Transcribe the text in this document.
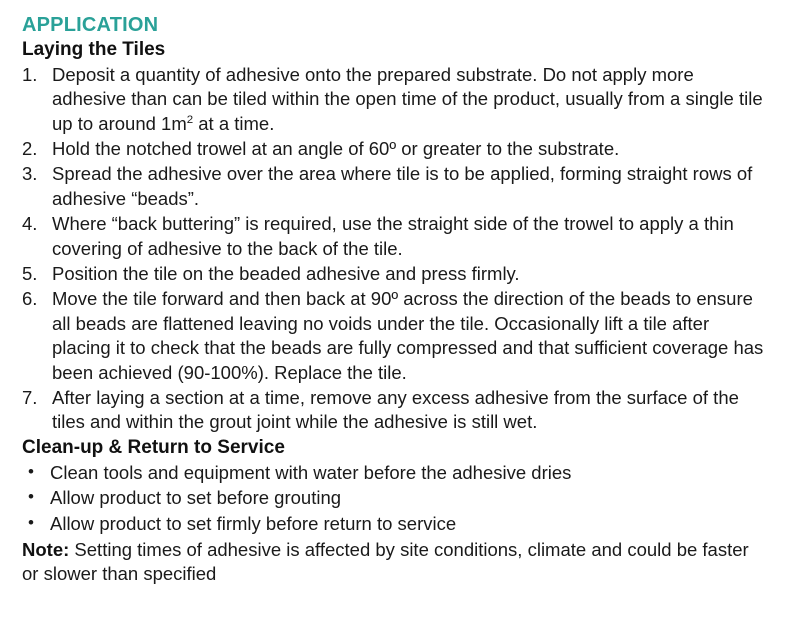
APPLICATION
Laying the Tiles
1. Deposit a quantity of adhesive onto the prepared substrate. Do not apply more adhesive than can be tiled within the open time of the product, usually from a single tile up to around $1m^2$ at a time.
2. Hold the notched trowel at an angle of 60º or greater to the substrate.
3. Spread the adhesive over the area where tile is to be applied, forming straight rows of adhesive “beads”.
4. Where “back buttering” is required, use the straight side of the trowel to apply a thin covering of adhesive to the back of the tile.
5. Position the tile on the beaded adhesive and press firmly.
6. Move the tile forward and then back at 90º across the direction of the beads to ensure all beads are flattened leaving no voids under the tile. Occasionally lift a tile after placing it to check that the beads are fully compressed and that sufficient coverage has been achieved (90-100%). Replace the tile.
7. After laying a section at a time, remove any excess adhesive from the surface of the tiles and within the grout joint while the adhesive is still wet.
Clean-up & Return to Service
• Clean tools and equipment with water before the adhesive dries
• Allow product to set before grouting
• Allow product to set firmly before return to service

Note: Setting times of adhesive is affected by site conditions, climate and could be faster or slower than specified
